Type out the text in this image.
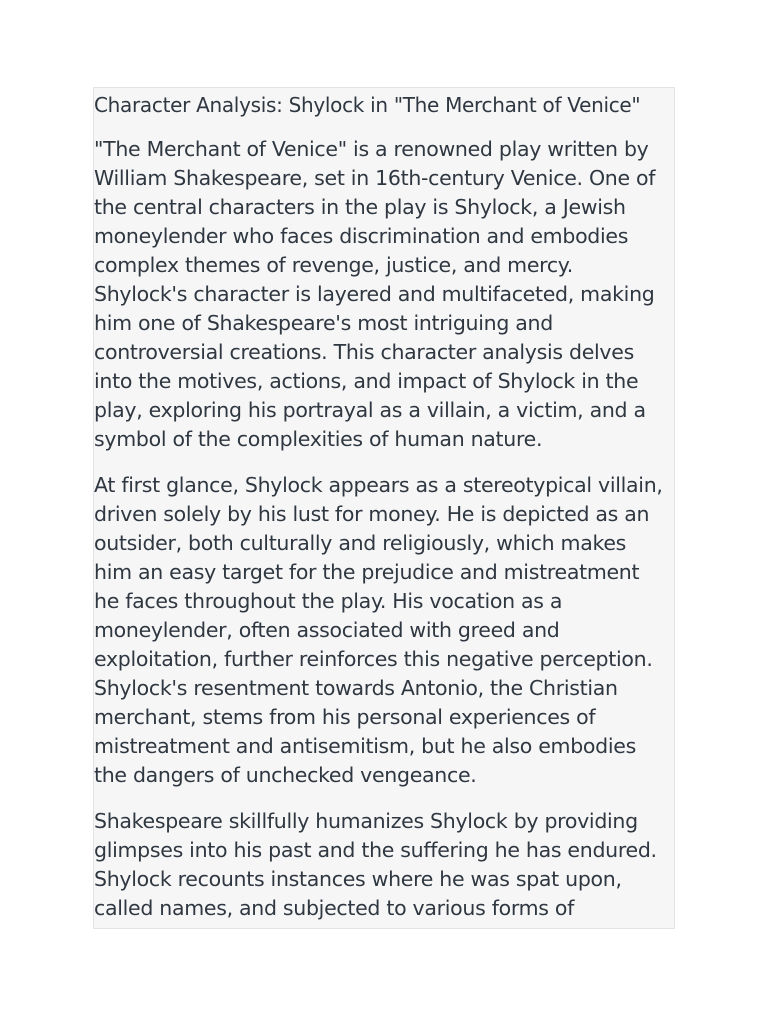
Character Analysis: Shylock in "The Merchant of Venice"

"The Merchant of Venice" is a renowned play written by William Shakespeare, set in 16th-century Venice. One of the central characters in the play is Shylock, a Jewish moneylender who faces discrimination and embodies complex themes of revenge, justice, and mercy. Shylock's character is layered and multifaceted, making him one of Shakespeare's most intriguing and controversial creations. This character analysis delves into the motives, actions, and impact of Shylock in the play, exploring his portrayal as a villain, a victim, and a symbol of the complexities of human nature.

At first glance, Shylock appears as a stereotypical villain, driven solely by his lust for money. He is depicted as an outsider, both culturally and religiously, which makes him an easy target for the prejudice and mistreatment he faces throughout the play. His vocation as a moneylender, often associated with greed and exploitation, further reinforces this negative perception. Shylock's resentment towards Antonio, the Christian merchant, stems from his personal experiences of mistreatment and antisemitism, but he also embodies the dangers of unchecked vengeance.

Shakespeare skillfully humanizes Shylock by providing glimpses into his past and the suffering he has endured. Shylock recounts instances where he was spat upon, called names, and subjected to various forms of
